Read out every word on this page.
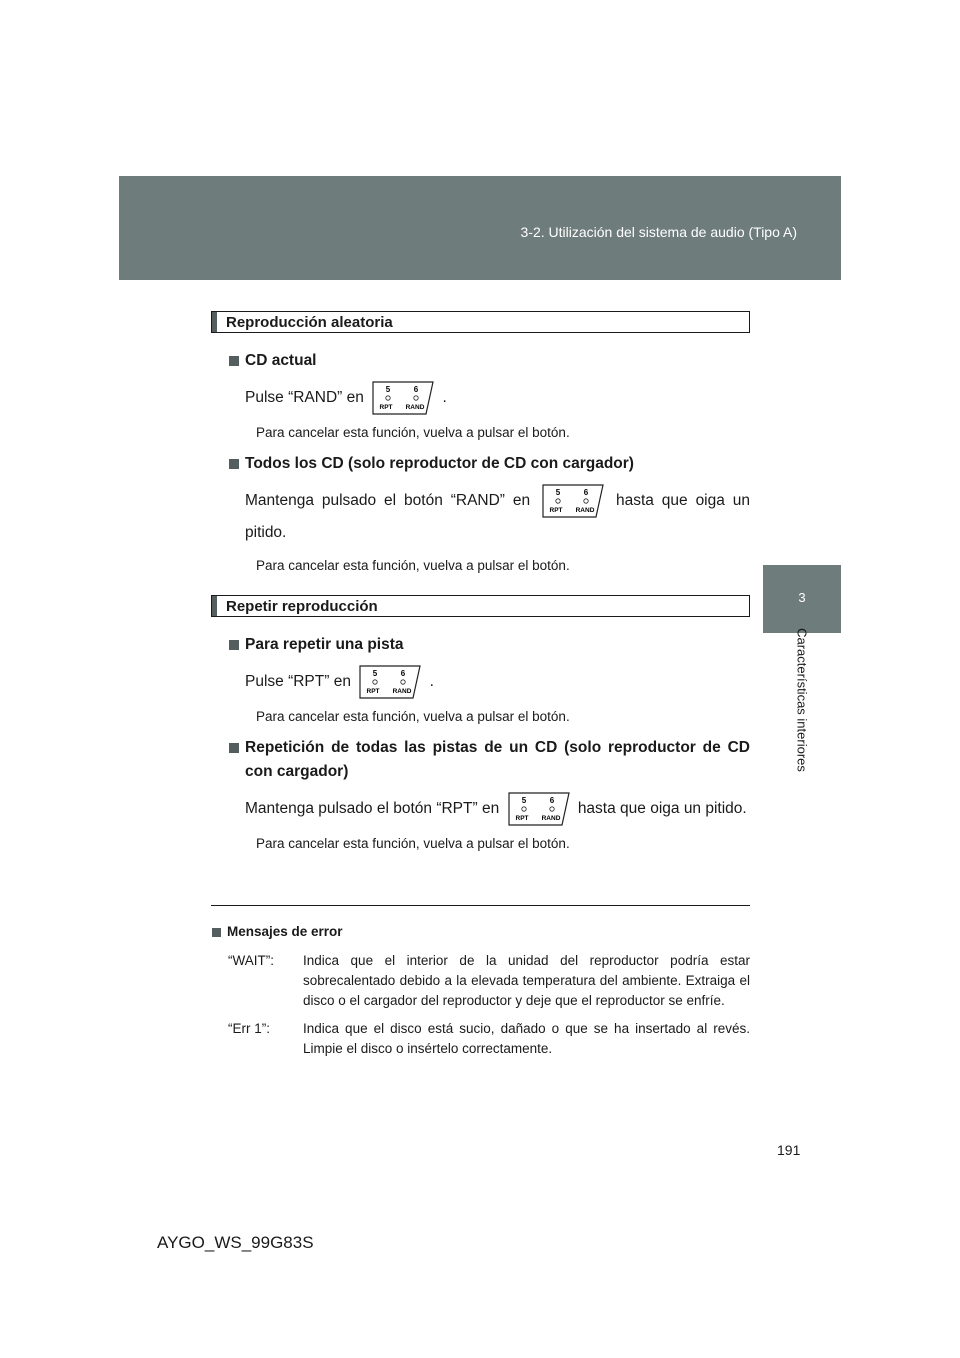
3-2. Utilización del sistema de audio (Tipo A)
3
Características interiores
Reproducción aleatoria
CD actual
Pulse “RAND” en	5	6
RPT RAND
.
Para cancelar esta función, vuelva a pulsar el botón.
Todos los CD (solo reproductor de CD con cargador)
Mantenga pulsado el botón “RAND” en	5	6
RPT RAND
hasta que oiga un pitido.
Para cancelar esta función, vuelva a pulsar el botón.
Repetir reproducción
Para repetir una pista
Pulse “RPT” en	5	6
RPT RAND
.
Para cancelar esta función, vuelva a pulsar el botón.
Repetición de todas las pistas de un CD (solo reproductor de CD con cargador)
Mantenga pulsado el botón “RPT” en	5	6
RPT RAND
hasta que oiga un pitido.
Para cancelar esta función, vuelva a pulsar el botón.
Mensajes de error
“WAIT”:	Indica que el interior de la unidad del reproductor podría estar sobrecalentado debido a la elevada temperatura del ambiente. Extraiga el disco o el cargador del reproductor y deje que el reproductor se enfríe.
“Err 1”:	Indica que el disco está sucio, dañado o que se ha insertado al revés. Limpie el disco o insértelo correctamente.
191
AYGO_WS_99G83S
